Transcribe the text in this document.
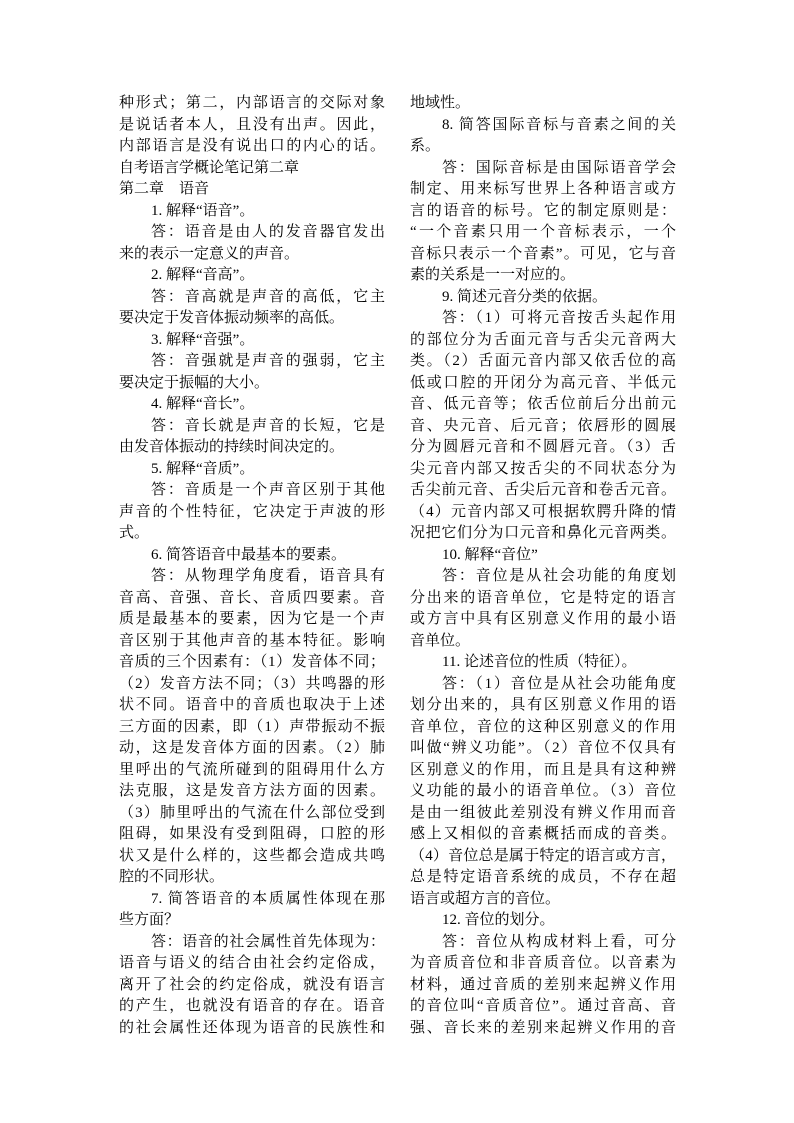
种形式；第二，内部语言的交际对象
是说话者本人，且没有出声。因此，
内部语言是没有说出口的内心的话。
自考语言学概论笔记第二章
第二章　语音
1. 解释“语音”。
答：语音是由人的发音器官发出
来的表示一定意义的声音。
2. 解释“音高”。
答：音高就是声音的高低，它主
要决定于发音体振动频率的高低。
3. 解释“音强”。
答：音强就是声音的强弱，它主
要决定于振幅的大小。
4. 解释“音长”。
答：音长就是声音的长短，它是
由发音体振动的持续时间决定的。
5. 解释“音质”。
答：音质是一个声音区别于其他
声音的个性特征，它决定于声波的形
式。
6. 简答语音中最基本的要素。
答：从物理学角度看，语音具有
音高、音强、音长、音质四要素。音
质是最基本的要素，因为它是一个声
音区别于其他声音的基本特征。影响
音质的三个因素有：（1）发音体不同；
（2）发音方法不同；（3）共鸣器的形
状不同。语音中的音质也取决于上述
三方面的因素，即（1）声带振动不振
动，这是发音体方面的因素。（2）肺
里呼出的气流所碰到的阻碍用什么方
法克服，这是发音方法方面的因素。
（3）肺里呼出的气流在什么部位受到
阻碍，如果没有受到阻碍，口腔的形
状又是什么样的，这些都会造成共鸣
腔的不同形状。
7. 简答语音的本质属性体现在那
些方面？
答：语音的社会属性首先体现为：
语音与语义的结合由社会约定俗成，
离开了社会的约定俗成，就没有语言
的产生，也就没有语音的存在。语音
的社会属性还体现为语音的民族性和
地域性。
8. 简答国际音标与音素之间的关
系。
答：国际音标是由国际语音学会
制定、用来标写世界上各种语言或方
言的语音的标号。它的制定原则是：
“一个音素只用一个音标表示，一个
音标只表示一个音素”。可见，它与音
素的关系是一一对应的。
9. 简述元音分类的依据。
答：（1）可将元音按舌头起作用
的部位分为舌面元音与舌尖元音两大
类。（2）舌面元音内部又依舌位的高
低或口腔的开闭分为高元音、半低元
音、低元音等；依舌位前后分出前元
音、央元音、后元音；依唇形的圆展
分为圆唇元音和不圆唇元音。（3）舌
尖元音内部又按舌尖的不同状态分为
舌尖前元音、舌尖后元音和卷舌元音。
（4）元音内部又可根据软腭升降的情
况把它们分为口元音和鼻化元音两类。
10. 解释“音位”
答：音位是从社会功能的角度划
分出来的语音单位，它是特定的语言
或方言中具有区别意义作用的最小语
音单位。
11. 论述音位的性质（特征）。
答：（1）音位是从社会功能角度
划分出来的，具有区别意义作用的语
音单位，音位的这种区别意义的作用
叫做“辨义功能”。（2）音位不仅具有
区别意义的作用，而且是具有这种辨
义功能的最小的语音单位。（3）音位
是由一组彼此差别没有辨义作用而音
感上又相似的音素概括而成的音类。
（4）音位总是属于特定的语言或方言，
总是特定语音系统的成员，不存在超
语言或超方言的音位。
12. 音位的划分。
答：音位从构成材料上看，可分
为音质音位和非音质音位。以音素为
材料，通过音质的差别来起辨义作用
的音位叫“音质音位”。通过音高、音
强、音长来的差别来起辨义作用的音
